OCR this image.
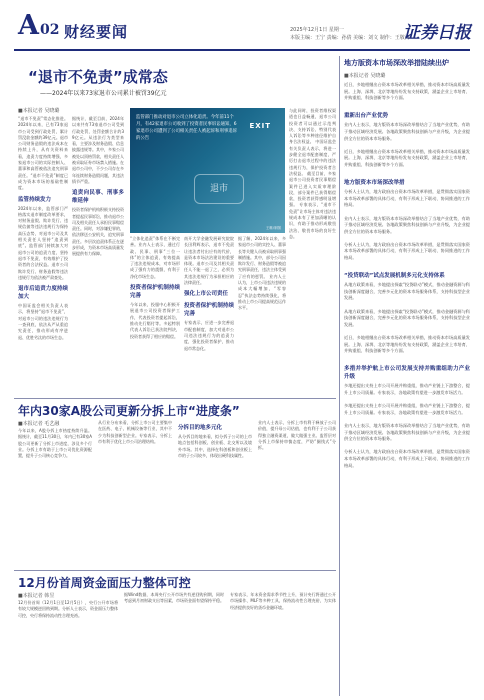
A02 财经要闻	2025年12月1日 星期一
本版主编：王宁 责编：孙倩 美编：刘文 制作：王敬涛
证券日报
“退市不免责”成常态
——2024年以来73家退市公司累计被罚39亿元
■本报记者 吴晓璐
“退市不免责”常态化推进。2024年以来，已有73家退市公司受到行政处罚，累计罚没款金额约39亿元。退市公司财务造假的违法成本在持续上升，从有关资料来看，追责力度持续增强，多家退市公司的实际控制人、董事和高管被依法追究刑事责任。“退市不免责”制度已成为资本市场的基础性制度。
监管持续发力
2024年以来，监管部门严格落实退市制度改革要求，对财务造假、欺诈发行、违规信披等违法违规行为保持高压态势，对退市公司及其相关责任人坚持“追责到底”。监管部门持续加大对退市公司的追责力度，坚持退市不免责，有效维护了投资者的合法权益。退市公司欺诈发行、财务造假等违法违规行为依法被严肃查处。
退市后追责力度持续加大
中国证监会相关负责人表示，将坚持“退市不免责”，对退市公司的违法违规行为一查到底，依法从严从重追究责任，推动形成有序进退、优胜劣汰的市场生态。
据统计，截至目前，2024年以来共有73家退市公司受到行政处罚，处罚金额合计约39亿元。从违法行为类型来看，主要涉及财务造假、信息披露违规等。其中，多家公司被处以顶格罚款，相关责任人被采取证券市场禁入措施。在退市公司中，不少公司存在多年连续财务造假问题，其违法情节严重。
追责向民事、刑事多维延伸
投资者保护机构积极支持投资者提起民事诉讼，推动退市公司及相关责任人承担民事赔偿责任。同时，对涉嫌犯罪的，依法移送公安机关，追究刑事责任。多层次追责体系正在逐步形成，为资本市场高质量发展提供有力保障。
监管部门推动对退市公司立体化追责。今年前11个月，有42家退市公司收到了投资者民事诉讼通知，6家退市公司遭到了公司相关责任人被起诉和刑事追诉的公告
EXIT
退市
王琳/制图
“立体化追责”体系在不断完善。业内人士表示，通过行政、民事、刑事“三位一体”的立体追责，有效提高了违法违规成本，对市场形成了强有力的震慑，有利于净化市场生态。
投资者保护机制持续完善
今年以来，投服中心积极开展退市公司投资者保护工作，代表投资者提起诉讼，推动先行赔付等。多起特别代表人诉讼已获法院判决，投资者获得了相应的赔偿。
南开大学金融发展研究院院长田利辉表示，退市不免责让违法者付出应有的代价，是资本市场法治建设的重要体现。退市公司及其相关责任人不能一退了之，必须为其违法违规行为承担相应的法律责任。
强化上市公司责任
投资者保护机制持续完善
专家表示，应进一步完善退市配套制度，加大对退市公司违法违规行为的追责力度，强化投资者保护，推动退市常态化。
据了解，2024年以来，多家退市公司的实控人、董事长等关键人员被采取刑事强制措施。其中，部分公司因欺诈发行、财务造假等被追究刑事责任，违法主体受到了应有的惩罚。 业内人士认为，上市公司违法违规的成本大幅增加，“零容忍”执法态势持续强化，将推动上市公司提高规范运作水平。
与此同时，投资者维权渠道也日益畅通，退市公司投资者可以通过示范判决、支持诉讼、特别代表人诉讼等多种途径维护自身合法权益。 中国证监会有关负责人表示，将进一步健全退市配套制度，严厉打击退市过程中的违法违规行为，保护投资者合法权益。 截至目前，多家退市公司投资者民事赔偿案件已进入实质审理阶段，部分案件已获得赔偿款，投资者获得感明显增强。 专家表示，“退市不免责”让市场主体对违法违规成本有了更加清晰的认识，有助于推动形成敬畏法治、敬畏市场的良好生态。
年内30家A股公司更新分拆上市“进度条”
■本报记者 毛艺融
今年以来，A股分拆上市热度持续升温。据统计，截至11月30日，年内已有30家A股公司更新了分拆上市进度，涉及多个行业。分拆上市有助于上市公司优化资源配置，提升子公司核心竞争力。
从行业分布来看，分拆上市公司主要集中在医药、电子、机械设备等行业，其中不少为科技创新型企业。专家表示，分拆上市有利于优化上市公司治理结构。
分拆目的地多元化
从分拆目的地来看，拟分拆子公司的上市地点包括科创板、创业板、北交所以及境外市场。其中，选择在科创板和创业板上市的子公司较多，体现出硬科技属性。
业内人士表示，分拆上市有利于释放子公司价值，提升母公司估值，也有利于子公司获得独立融资渠道，做大做强主业。监管层对分拆上市保持审慎态度，严防“圈钱式”分拆。
12月份首周资金面压力整体可控
■本报记者 韩昱
12月份首周（12月1日至12月5日），央行公开市场将有较大规模逆回购到期。分析人士表示，资金面压力整体可控，央行将保持流动性合理充裕。
据Wind数据，本周央行公开市场共有逆回购到期，同时考虑到月初财政支出等因素，市场资金面有望保持平稳。
专家表示，年末资金需求季节性上升，预计央行将通过公开市场操作、MLF等多种工具，保持流动性合理充裕，为实体经济提供良好的货币金融环境。
地方版资本市场深改举措陆续出炉
■本报记者 吴晓璐
近日，多地相继出台资本市场改革相关举措，推动资本市场高质量发展。上海、深圳、北京等地纷纷发布支持政策，涵盖企业上市培育、并购重组、科技创新等多个方面。

重新出台产业优势
业内人士表示，地方版资本市场深改举措结合了当地产业优势，有助于推动区域经济发展。各地政策聚焦科技创新与产业升级，为企业提供全方位的资本市场服务。

近日，多地相继出台资本市场改革相关举措，推动资本市场高质量发展。上海、深圳、北京等地纷纷发布支持政策，涵盖企业上市培育、并购重组、科技创新等多个方面。

地方版资本市场深改举措
分析人士认为，地方政府出台资本市场改革举措，是贯彻落实国家资本市场改革部署的具体行动，有利于形成上下联动、协同推进的工作格局。

业内人士表示，地方版资本市场深改举措结合了当地产业优势，有助于推动区域经济发展。各地政策聚焦科技创新与产业升级，为企业提供全方位的资本市场服务。

分析人士认为，地方政府出台资本市场改革举措，是贯彻落实国家资本市场改革部署的具体行动，有利于形成上下联动、协同推进的工作格局。

“投贷联动”试点发展机制多元化支持体系
从地方政策来看，多地提出探索“投贷联动”模式，推动金融资源与科技创新深度融合，完善多元化的资本市场服务体系，支持科技型企业发展。

从地方政策来看，多地提出探索“投贷联动”模式，推动金融资源与科技创新深度融合，完善多元化的资本市场服务体系，支持科技型企业发展。

近日，多地相继出台资本市场改革相关举措，推动资本市场高质量发展。上海、深圳、北京等地纷纷发布支持政策，涵盖企业上市培育、并购重组、科技创新等多个方面。

多措并举护航上市公司发展支持并购重组助力产业升级
多地还提出支持上市公司开展并购重组，推动产业链上下游整合，提升上市公司质量。专家表示，各地政策有望进一步激发市场活力。

多地还提出支持上市公司开展并购重组，推动产业链上下游整合，提升上市公司质量。专家表示，各地政策有望进一步激发市场活力。

业内人士表示，地方版资本市场深改举措结合了当地产业优势，有助于推动区域经济发展。各地政策聚焦科技创新与产业升级，为企业提供全方位的资本市场服务。

分析人士认为，地方政府出台资本市场改革举措，是贯彻落实国家资本市场改革部署的具体行动，有利于形成上下联动、协同推进的工作格局。
